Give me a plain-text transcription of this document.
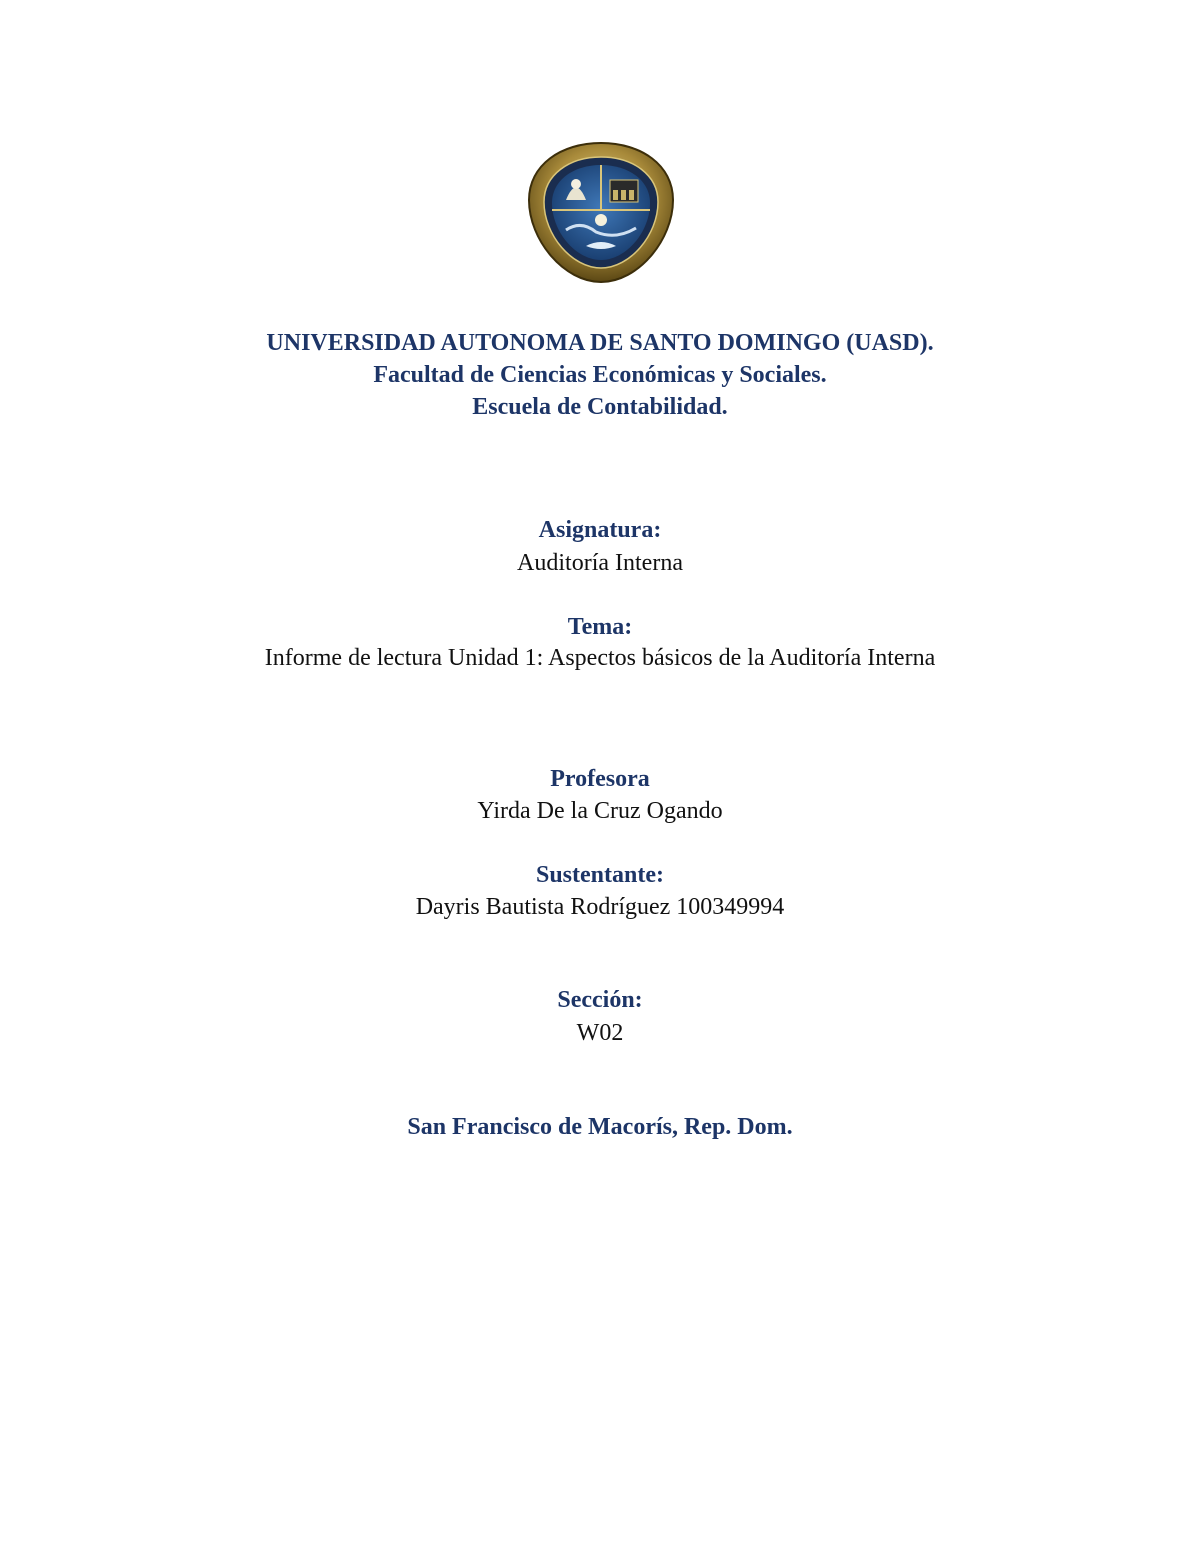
UNIVERSIDAD AUTONOMA DE SANTO DOMINGO (UASD).
Facultad de Ciencias Económicas y Sociales.
Escuela de Contabilidad.
Asignatura:
Auditoría Interna
Tema:
Informe de lectura Unidad 1: Aspectos básicos de la Auditoría Interna
Profesora
Yirda De la Cruz Ogando
Sustentante:
Dayris Bautista Rodríguez 100349994
Sección:
W02
San Francisco de Macorís, Rep. Dom.
